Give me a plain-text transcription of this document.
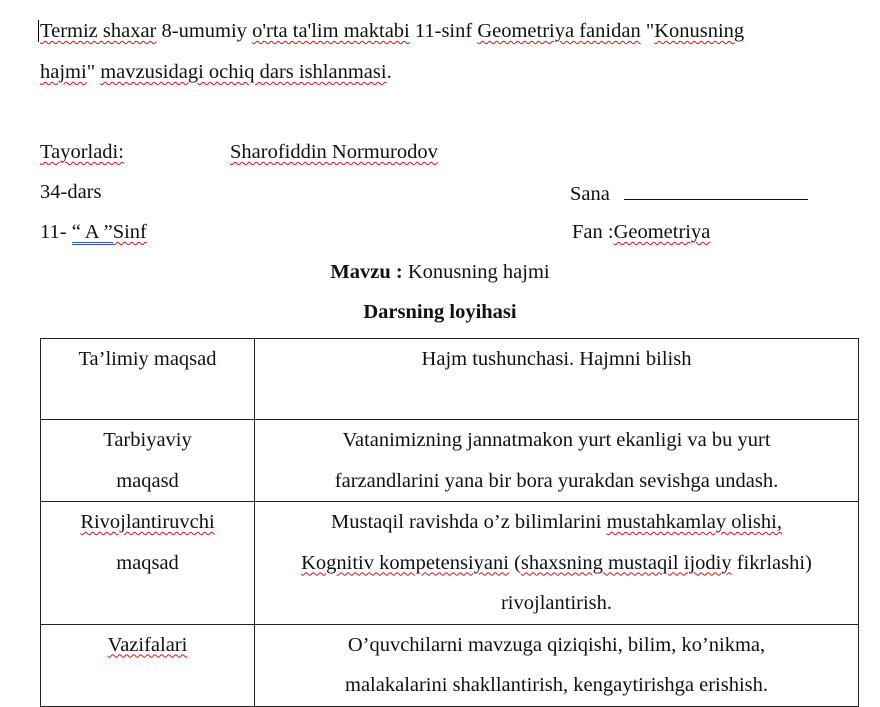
Termiz shaxar 8-umumiy o'rta ta'lim maktabi 11-sinf Geometriya fanidan "Konusning
hajmi" mavzusidagi ochiq dars ishlanmasi.
Tayorladi:	Sharofiddin Normurodov
34-dars	Sana
11- “ A ”Sinf	Fan :Geometriya
Mavzu : Konusning hajmi
Darsning loyihasi
Ta’limiy maqsad	Hajm tushunchasi. Hajmni bilish

Tarbiyaviy
maqasd	Vatanimizning jannatmakon yurt ekanligi va bu yurt
farzandlarini yana bir bora yurakdan sevishga undash.

Rivojlantiruvchi
maqsad	Mustaqil ravishda o’z bilimlarini mustahkamlay olishi,
Kognitiv kompetensiyani (shaxsning mustaqil ijodiy fikrlashi)
rivojlantirish.

Vazifalari	O’quvchilarni mavzuga qiziqishi, bilim, ko’nikma,
malakalarini shakllantirish, kengaytirishga erishish.
